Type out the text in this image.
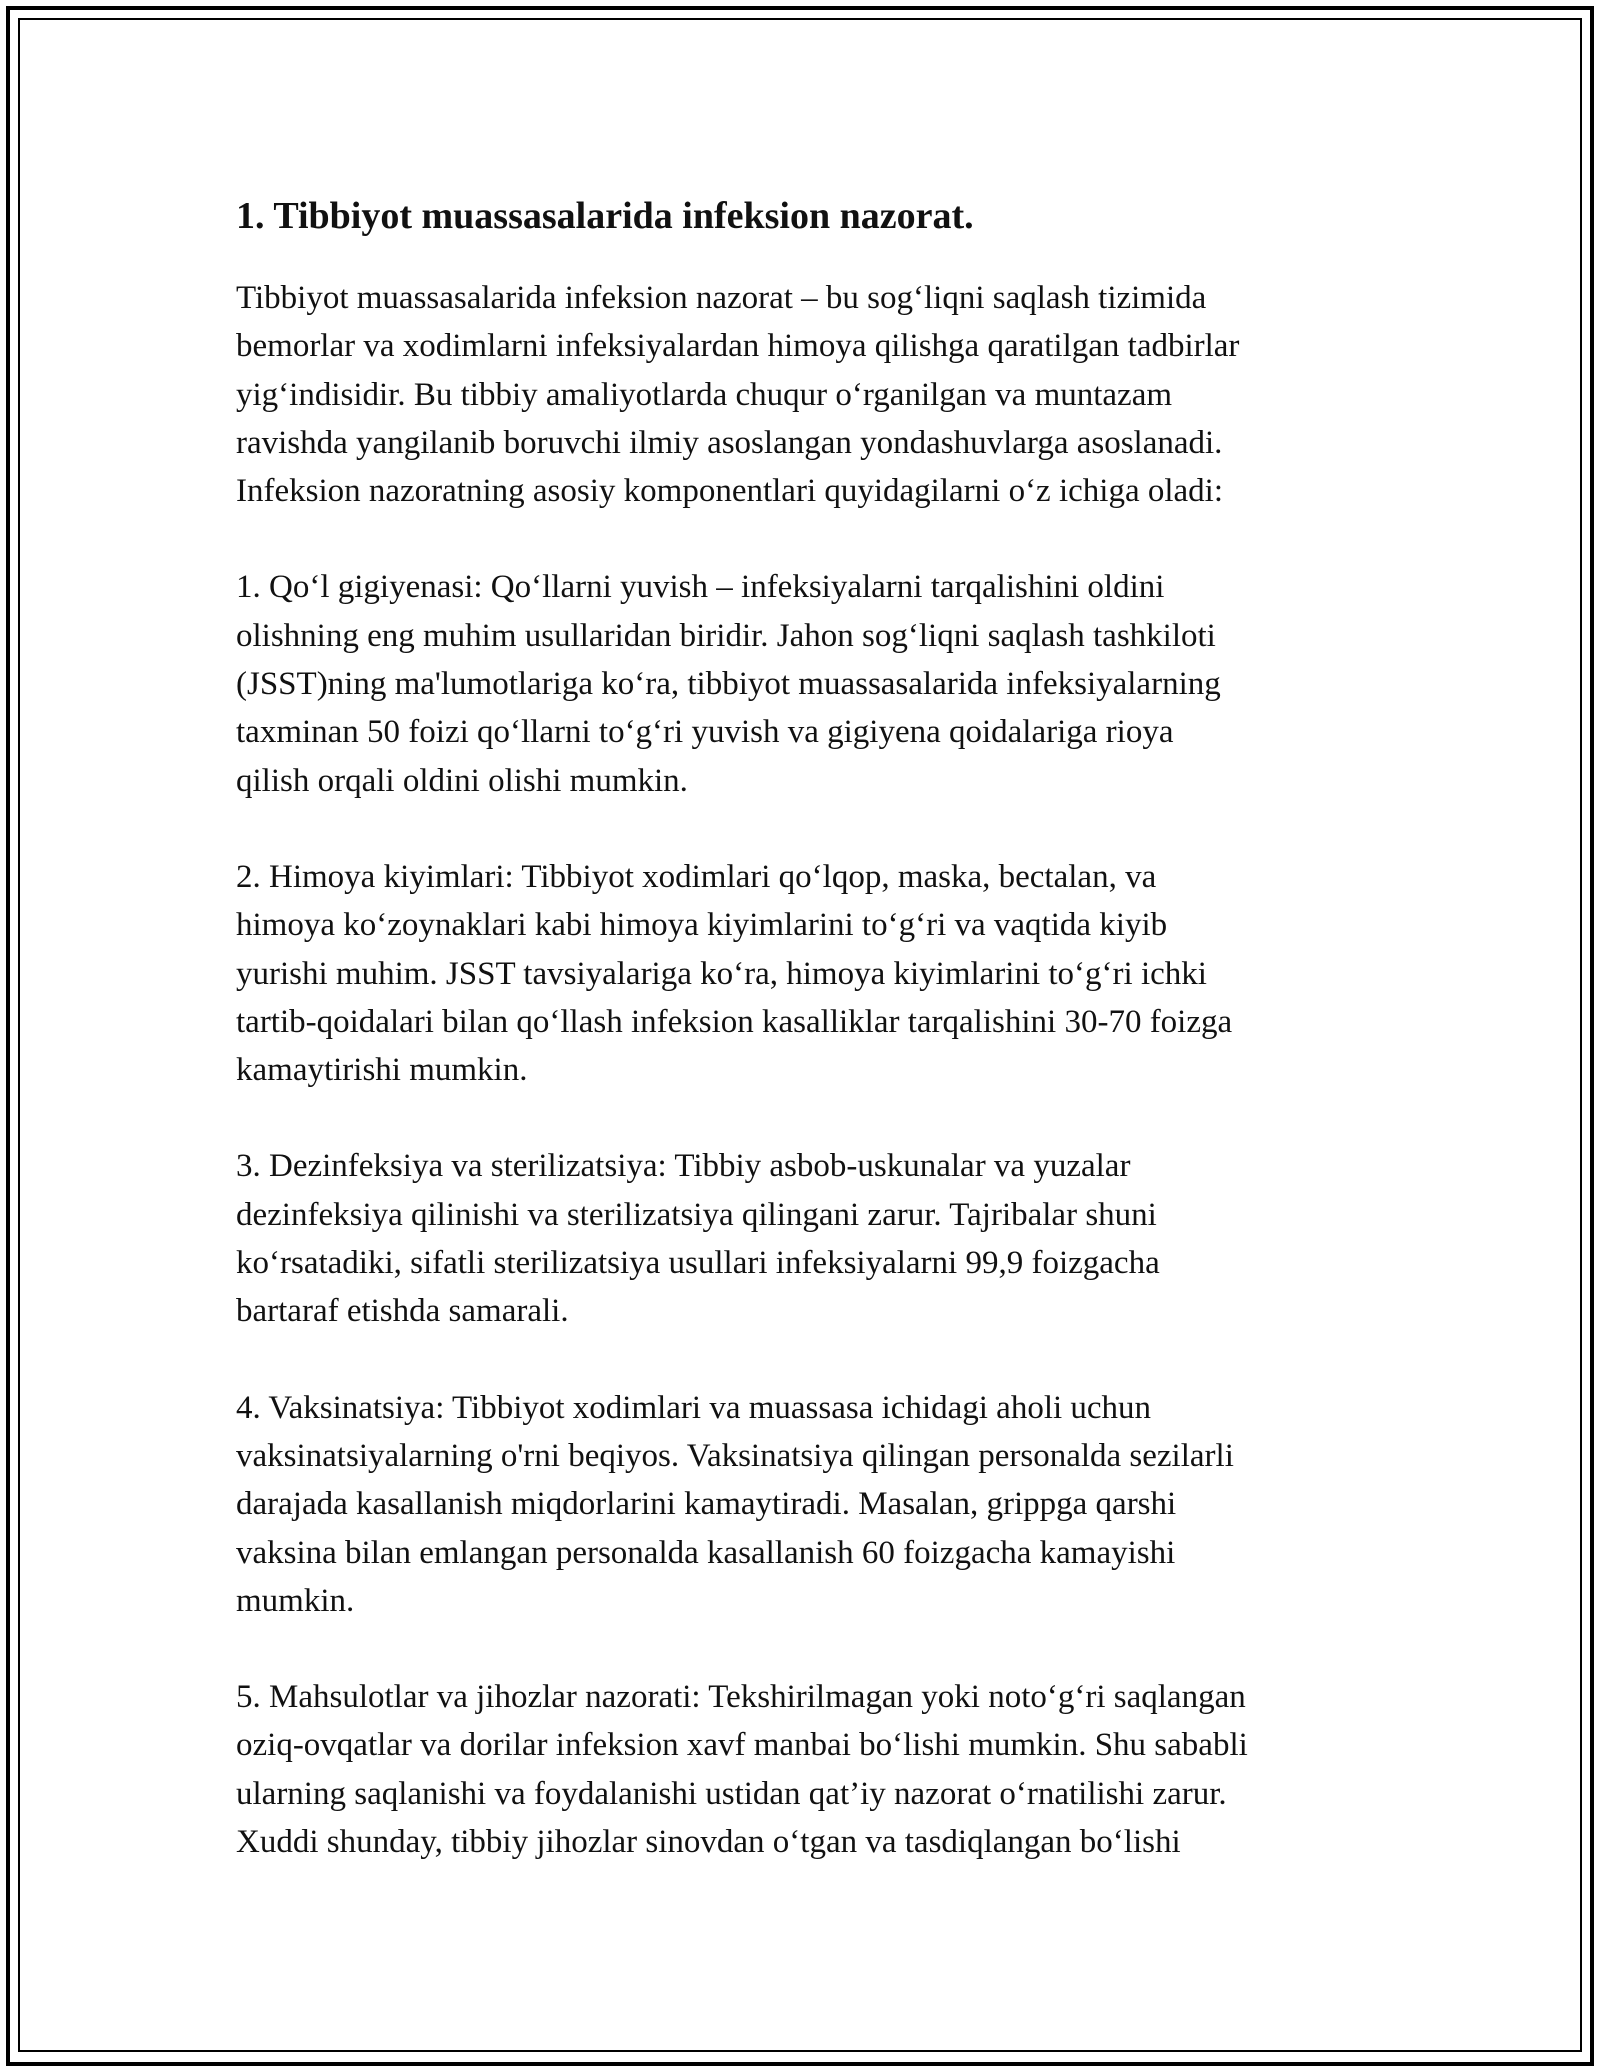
1. Tibbiyot muassasalarida infeksion nazorat.

Tibbiyot muassasalarida infeksion nazorat – bu sog‘liqni saqlash tizimida
bemorlar va xodimlarni infeksiyalardan himoya qilishga qaratilgan tadbirlar
yig‘indisidir. Bu tibbiy amaliyotlarda chuqur o‘rganilgan va muntazam
ravishda yangilanib boruvchi ilmiy asoslangan yondashuvlarga asoslanadi.
Infeksion nazoratning asosiy komponentlari quyidagilarni o‘z ichiga oladi:

1. Qo‘l gigiyenasi: Qo‘llarni yuvish – infeksiyalarni tarqalishini oldini
olishning eng muhim usullaridan biridir. Jahon sog‘liqni saqlash tashkiloti
(JSST)ning ma'lumotlariga ko‘ra, tibbiyot muassasalarida infeksiyalarning
taxminan 50 foizi qo‘llarni to‘g‘ri yuvish va gigiyena qoidalariga rioya
qilish orqali oldini olishi mumkin.

2. Himoya kiyimlari: Tibbiyot xodimlari qo‘lqop, maska, bectalan, va
himoya ko‘zoynaklari kabi himoya kiyimlarini to‘g‘ri va vaqtida kiyib
yurishi muhim. JSST tavsiyalariga ko‘ra, himoya kiyimlarini to‘g‘ri ichki
tartib-qoidalari bilan qo‘llash infeksion kasalliklar tarqalishini 30-70 foizga
kamaytirishi mumkin.

3. Dezinfeksiya va sterilizatsiya: Tibbiy asbob-uskunalar va yuzalar
dezinfeksiya qilinishi va sterilizatsiya qilingani zarur. Tajribalar shuni
ko‘rsatadiki, sifatli sterilizatsiya usullari infeksiyalarni 99,9 foizgacha
bartaraf etishda samarali.

4. Vaksinatsiya: Tibbiyot xodimlari va muassasa ichidagi aholi uchun
vaksinatsiyalarning o'rni beqiyos. Vaksinatsiya qilingan personalda sezilarli
darajada kasallanish miqdorlarini kamaytiradi. Masalan, grippga qarshi
vaksina bilan emlangan personalda kasallanish 60 foizgacha kamayishi
mumkin.

5. Mahsulotlar va jihozlar nazorati: Tekshirilmagan yoki noto‘g‘ri saqlangan
oziq-ovqatlar va dorilar infeksion xavf manbai bo‘lishi mumkin. Shu sababli
ularning saqlanishi va foydalanishi ustidan qat’iy nazorat o‘rnatilishi zarur.
Xuddi shunday, tibbiy jihozlar sinovdan o‘tgan va tasdiqlangan bo‘lishi
